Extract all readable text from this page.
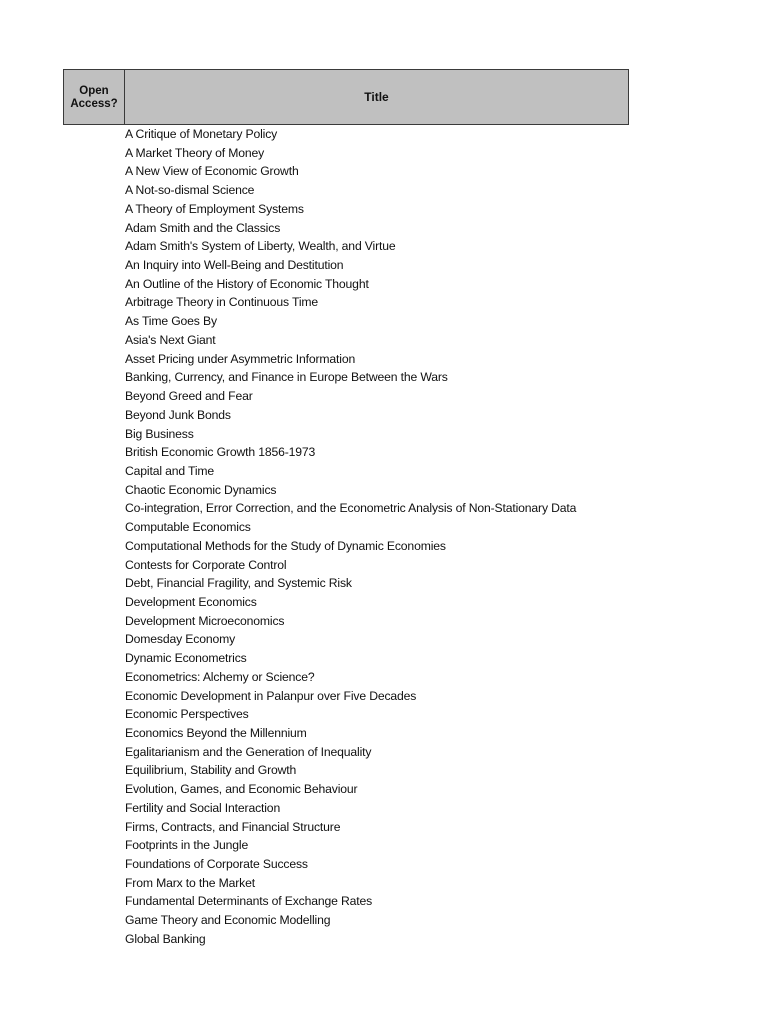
Open Access?	Title
A Critique of Monetary Policy
A Market Theory of Money
A New View of Economic Growth
A Not-so-dismal Science
A Theory of Employment Systems
Adam Smith and the Classics
Adam Smith's System of Liberty, Wealth, and Virtue
An Inquiry into Well-Being and Destitution
An Outline of the History of Economic Thought
Arbitrage Theory in Continuous Time
As Time Goes By
Asia's Next Giant
Asset Pricing under Asymmetric Information
Banking, Currency, and Finance in Europe Between the Wars
Beyond Greed and Fear
Beyond Junk Bonds
Big Business
British Economic Growth 1856-1973
Capital and Time
Chaotic Economic Dynamics
Co-integration, Error Correction, and the Econometric Analysis of Non-Stationary Data
Computable Economics
Computational Methods for the Study of Dynamic Economies
Contests for Corporate Control
Debt, Financial Fragility, and Systemic Risk
Development Economics
Development Microeconomics
Domesday Economy
Dynamic Econometrics
Econometrics: Alchemy or Science?
Economic Development in Palanpur over Five Decades
Economic Perspectives
Economics Beyond the Millennium
Egalitarianism and the Generation of Inequality
Equilibrium, Stability and Growth
Evolution, Games, and Economic Behaviour
Fertility and Social Interaction
Firms, Contracts, and Financial Structure
Footprints in the Jungle
Foundations of Corporate Success
From Marx to the Market
Fundamental Determinants of Exchange Rates
Game Theory and Economic Modelling
Global Banking
